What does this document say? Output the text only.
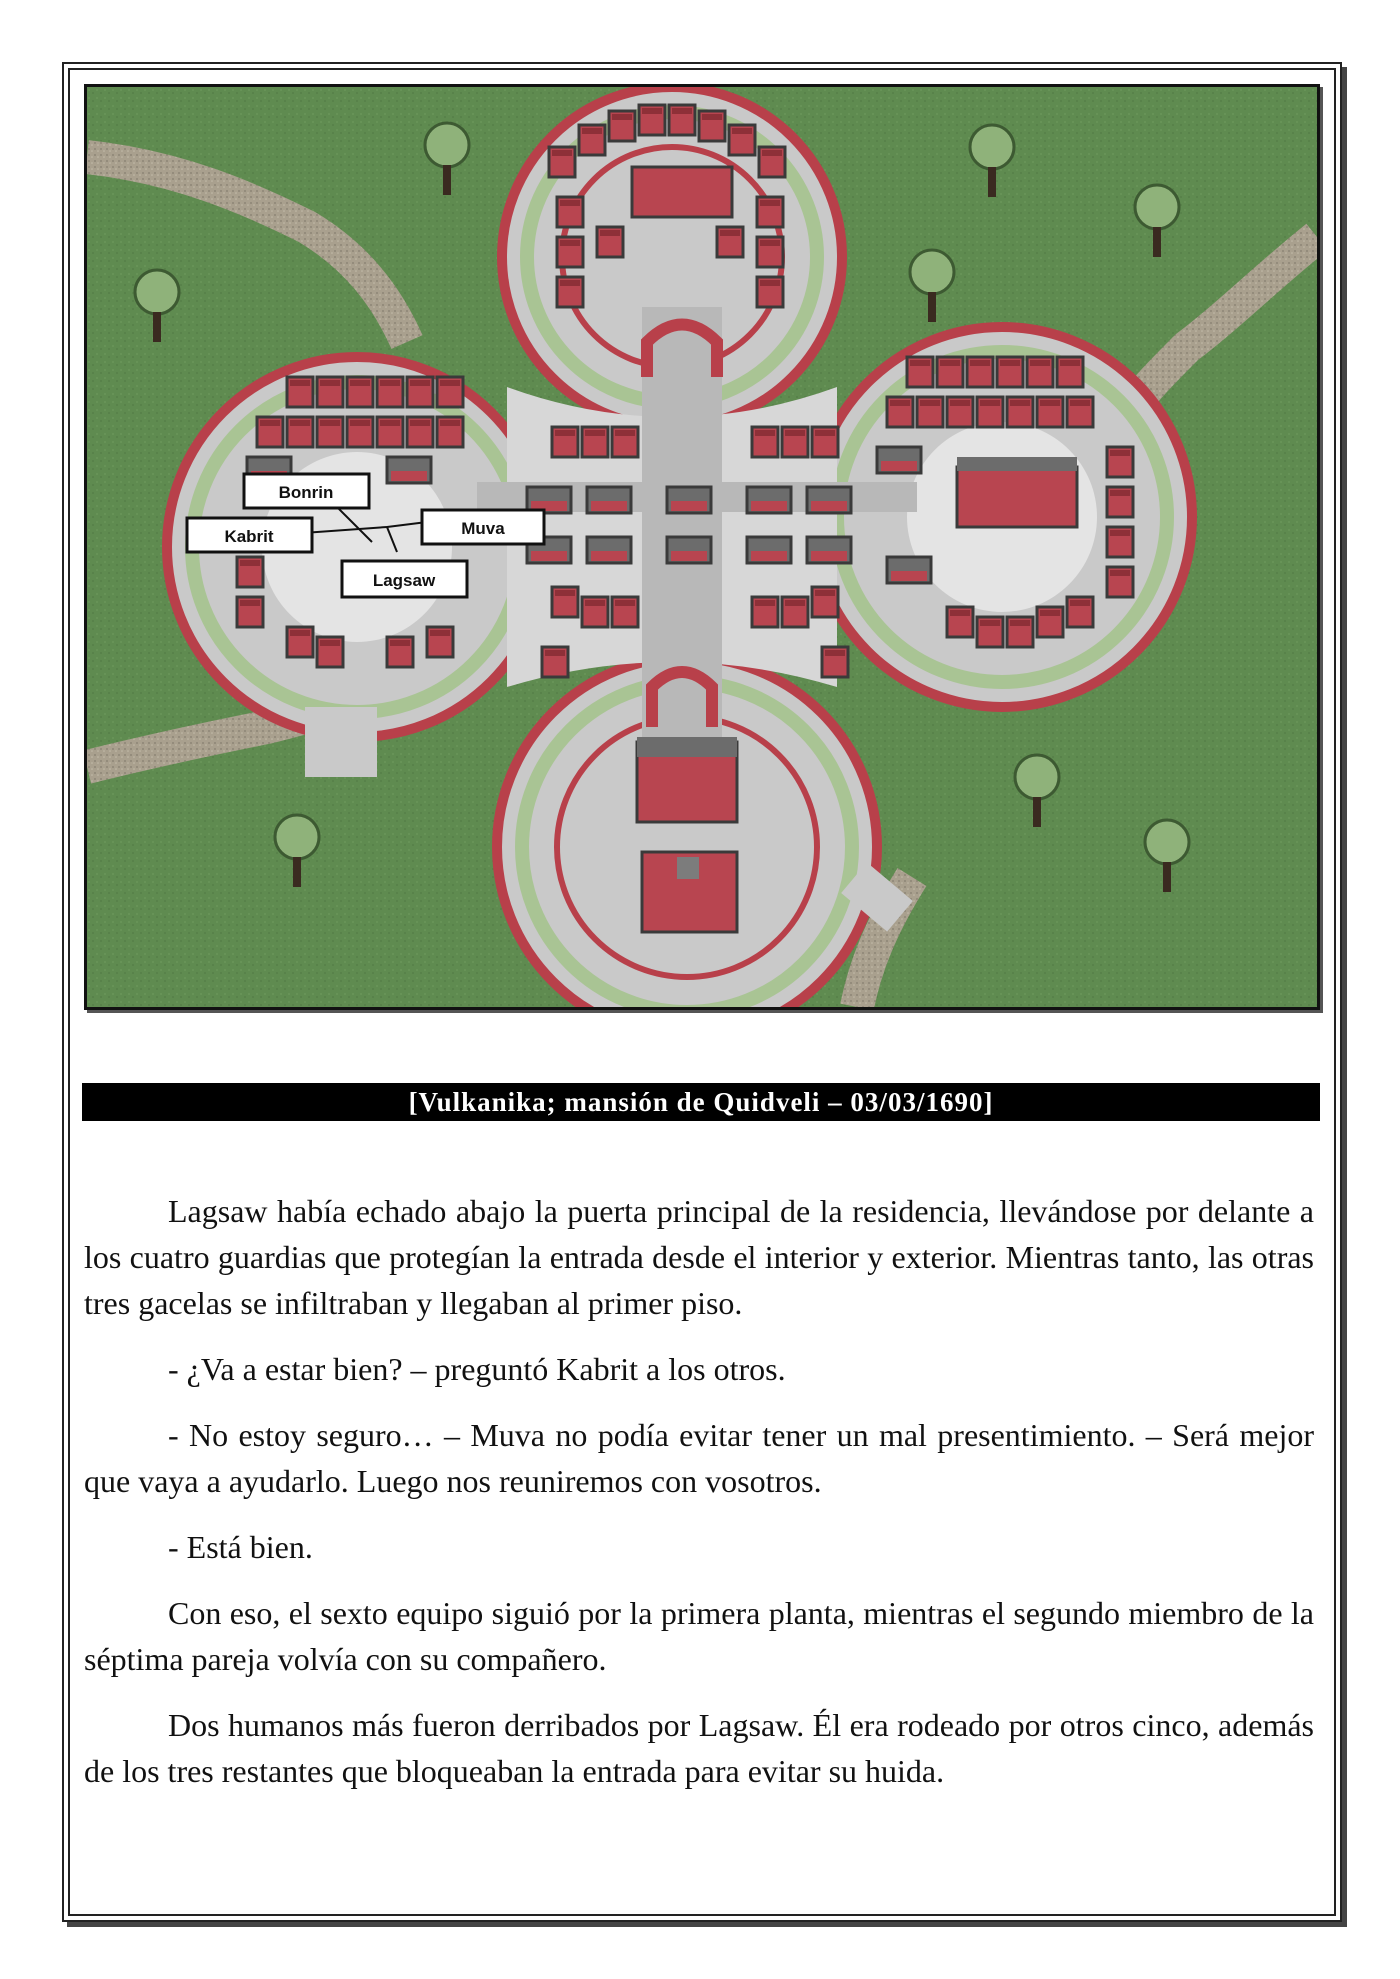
Bonrin
Kabrit	Muva
Lagsaw
[Vulkanika; mansión de Quidveli – 03/03/1690]

Lagsaw había echado abajo la puerta principal de la residencia, llevándose por delante a los cuatro guardias que protegían la entrada desde el interior y exterior. Mientras tanto, las otras tres gacelas se infiltraban y llegaban al primer piso.

- ¿Va a estar bien? – preguntó Kabrit a los otros.

- No estoy seguro… – Muva no podía evitar tener un mal presentimiento. – Será mejor que vaya a ayudarlo. Luego nos reuniremos con vosotros.

- Está bien.

Con eso, el sexto equipo siguió por la primera planta, mientras el segundo miembro de la séptima pareja volvía con su compañero.

Dos humanos más fueron derribados por Lagsaw. Él era rodeado por otros cinco, además de los tres restantes que bloqueaban la entrada para evitar su huida.
